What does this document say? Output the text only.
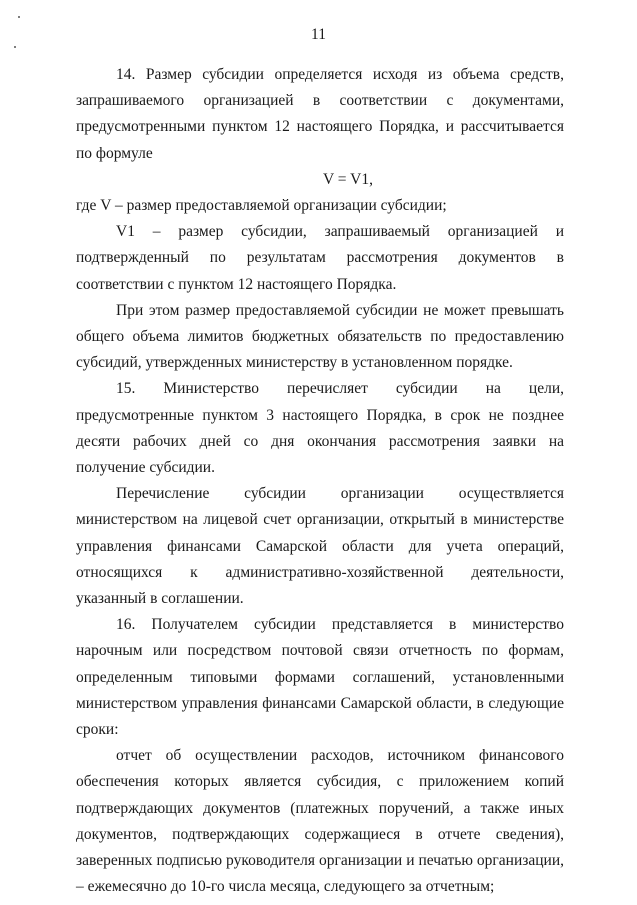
11

14. Размер субсидии определяется исходя из объема средств, запрашиваемого организацией в соответствии с документами, предусмотренными пунктом 12 настоящего Порядка, и рассчитывается по формуле

V = V1,

где V – размер предоставляемой организации субсидии;

V1 – размер субсидии, запрашиваемый организацией и подтвержденный по результатам рассмотрения документов в соответствии с пунктом 12 настоящего Порядка.

При этом размер предоставляемой субсидии не может превышать общего объема лимитов бюджетных обязательств по предоставлению субсидий, утвержденных министерству в установленном порядке.

15. Министерство перечисляет субсидии на цели, предусмотренные пунктом 3 настоящего Порядка, в срок не позднее десяти рабочих дней со дня окончания рассмотрения заявки на получение субсидии.

Перечисление субсидии организации осуществляется министерством на лицевой счет организации, открытый в министерстве управления финансами Самарской области для учета операций, относящихся к административно-хозяйственной деятельности, указанный в соглашении.

16. Получателем субсидии представляется в министерство нарочным или посредством почтовой связи отчетность по формам, определенным типовыми формами соглашений, установленными министерством управления финансами Самарской области, в следующие сроки:

отчет об осуществлении расходов, источником финансового обеспечения которых является субсидия, с приложением копий подтверждающих документов (платежных поручений, а также иных документов, подтверждающих содержащиеся в отчете сведения), заверенных подписью руководителя организации и печатью организации, – ежемесячно до 10-го числа месяца, следующего за отчетным;
